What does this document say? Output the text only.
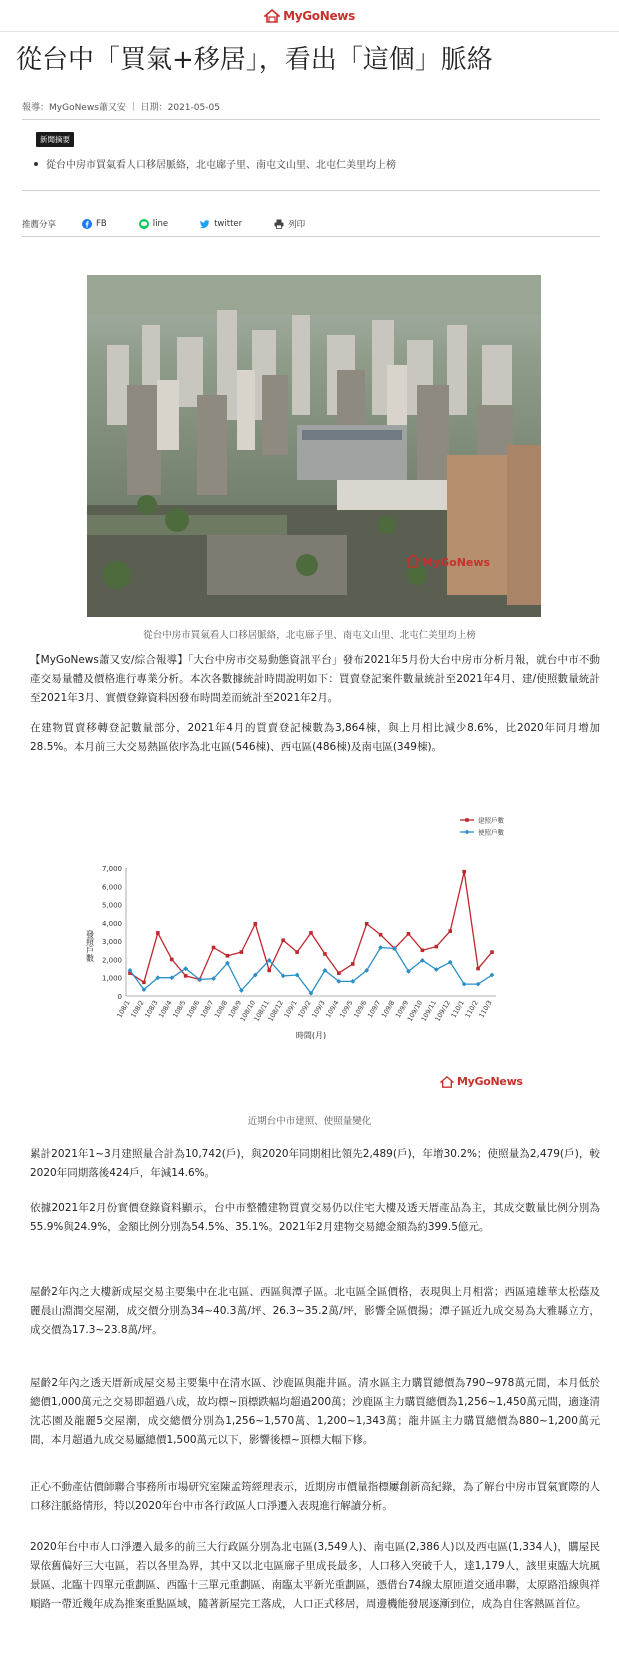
MyGoNews
從台中「買氣+移居」，看出「這個」脈絡
報導：MyGoNews蕭又安 ｜ 日期：2021-05-05
新聞摘要
從台中房市買氣看人口移居脈絡，北屯廍子里、南屯文山里、北屯仁美里均上榜
推薦分享	FB	line	twitter	列印
MyGoNews
從台中房市買氣看人口移居脈絡，北屯廍子里、南屯文山里、北屯仁美里均上榜
【MyGoNews蕭又安/綜合報導】「大台中房市交易動態資訊平台」發布2021年5月份大台中房市分析月報，就台中市不動產交易量體及價格進行專業分析。本次各數據統計時間說明如下：買賣登記案件數量統計至2021年4月、建/使照數量統計至2021年3月、實價登錄資料因發布時間差而統計至2021年2月。
在建物買賣移轉登記數量部分，2021年4月的買賣登記棟數為3,864棟，與上月相比減少8.6%，比2020年同月增加28.5%。本月前三大交易熱區依序為北屯區(546棟)、西屯區(486棟)及南屯區(349棟)。
0
1,000
2,000
3,000
4,000
5,000
6,000
7,000
108/1
108/2
108/3
108/4
108/5
108/6
108/7
108/8
108/9
108/10
108/11
108/12
109/1
109/2
109/3
109/4
109/5
109/6
109/7
109/8
109/9
109/10
109/11
109/12
110/1
110/2
110/3
發照戶數
時間(月)
建照戶數
使照戶數
MyGoNews
近期台中市建照、使照量變化
累計2021年1~3月建照量合計為10,742(戶)，與2020年同期相比領先2,489(戶)，年增30.2%；使照量為2,479(戶)，較2020年同期落後424戶，年減14.6%。
依據2021年2月份實價登錄資料顯示，台中市整體建物買賣交易仍以住宅大樓及透天厝產品為主，其成交數量比例分別為55.9%與24.9%，金額比例分別為54.5%、35.1%。2021年2月建物交易總金額為約399.5億元。
屋齡2年內之大樓新成屋交易主要集中在北屯區、西區與潭子區。北屯區全區價格，表現與上月相當；西區遠雄華太松蔭及麗晨山淵潤交屋潮，成交價分別為34~40.3萬/坪、26.3~35.2萬/坪，影響全區價揚；潭子區近九成交易為大雅縣立方，成交價為17.3~23.8萬/坪。
屋齡2年內之透天厝新成屋交易主要集中在清水區、沙鹿區與龍井區。清水區主力購買總價為790~978萬元間，本月低於總價1,000萬元之交易即超過八成，故均標~頂標跌幅均超過200萬；沙鹿區主力購買總價為1,256~1,450萬元間，適逢清沈芯園及龍麗5交屋潮，成交總價分別為1,256~1,570萬、1,200~1,343萬；龍井區主力購買總價為880~1,200萬元間，本月超過九成交易屬總價1,500萬元以下，影響後標~頂標大幅下修。
正心不動產估價師聯合事務所市場研究室陳孟筠經理表示，近期房市價量指標屢創新高紀錄，為了解台中房市買氣實際的人口移注脈絡情形，特以2020年台中市各行政區人口淨遷入表現進行解讀分析。
2020年台中市人口淨遷入最多的前三大行政區分別為北屯區(3,549人)、南屯區(2,386人)以及西屯區(1,334人)，購屋民眾依舊偏好三大屯區，若以各里為界，其中又以北屯區廍子里成長最多，人口移入突破千人，達1,179人，該里東臨大坑風景區、北臨十四單元重劃區、西臨十三單元重劃區、南臨太平新光重劃區，憑借台74線太原匝道交通串聯，太原路沿線與祥順路一帶近幾年成為推案重點區域，隨著新屋完工落成，人口正式移居，周邊機能發展逐漸到位，成為自住客熱區首位。
